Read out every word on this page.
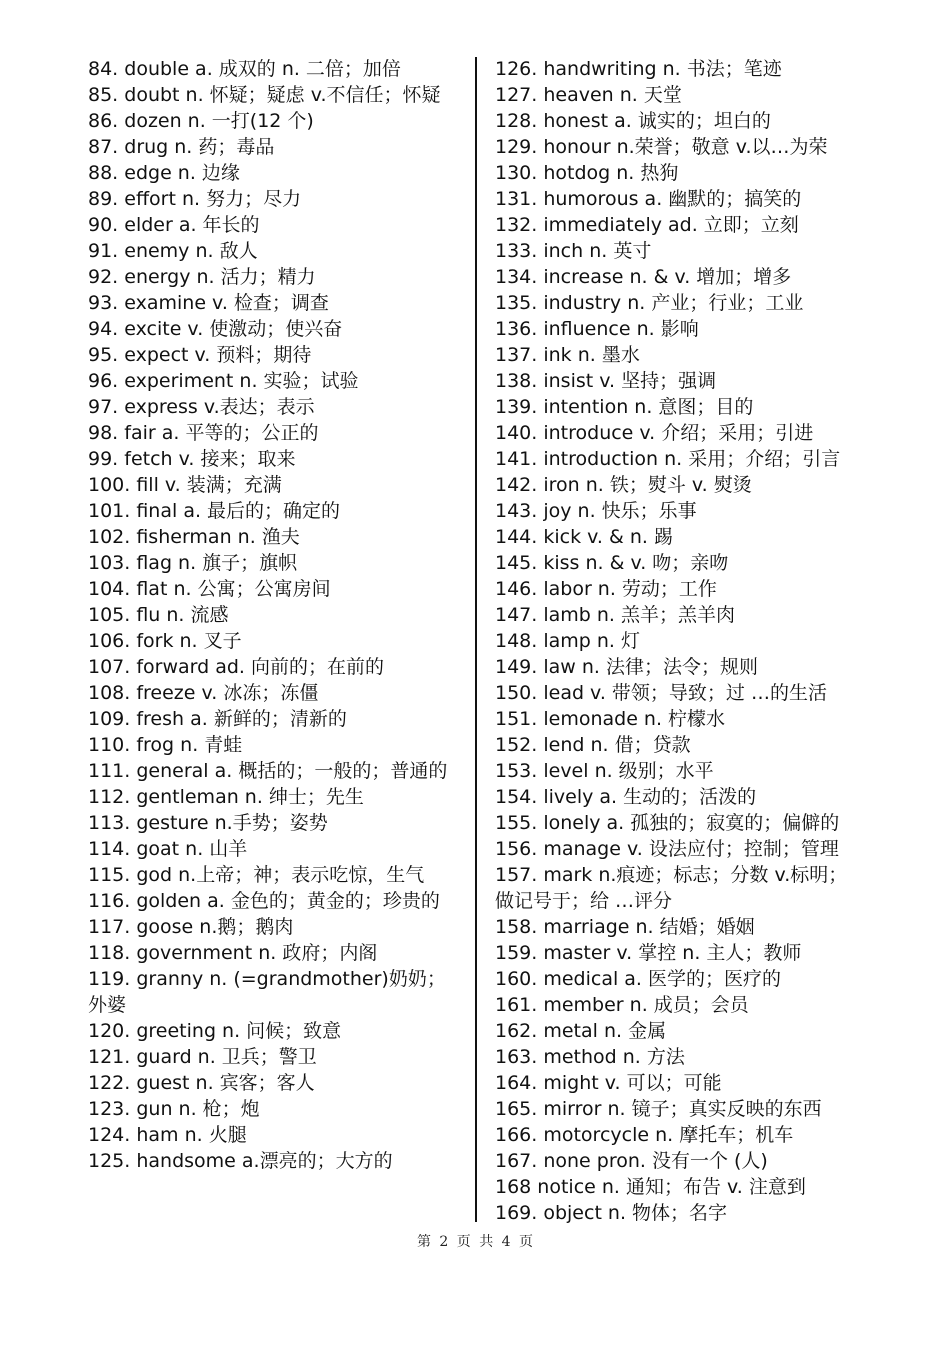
84. double a. 成双的 n. 二倍；加倍

85. doubt n. 怀疑；疑虑 v.不信任；怀疑

86. dozen n. 一打(12 个)

87. drug n. 药；毒品

88. edge n. 边缘

89. effort n. 努力；尽力

90. elder a. 年长的

91. enemy n. 敌人

92. energy n. 活力；精力

93. examine v. 检查；调查

94. excite v. 使激动；使兴奋

95. expect v. 预料；期待

96. experiment n. 实验；试验

97. express v.表达；表示

98. fair a. 平等的；公正的

99. fetch v. 接来；取来

100. fill v. 装满；充满

101. final a. 最后的；确定的

102. fisherman n. 渔夫

103. flag n. 旗子；旗帜

104. flat n. 公寓；公寓房间

105. flu n. 流感

106. fork n. 叉子

107. forward ad. 向前的；在前的

108. freeze v. 冰冻；冻僵

109. fresh a. 新鲜的；清新的

110. frog n. 青蛙

111. general a. 概括的；一般的；普通的

112. gentleman n. 绅士；先生

113. gesture n.手势；姿势

114. goat n. 山羊

115. god n.上帝；神；表示吃惊，生气

116. golden a. 金色的；黄金的；珍贵的

117. goose n.鹅；鹅肉

118. government n. 政府；内阁

119. granny n. (=grandmother)奶奶；外婆

120. greeting n. 问候；致意

121. guard n. 卫兵；警卫

122. guest n. 宾客；客人

123. gun n. 枪；炮

124. ham n. 火腿

125. handsome a.漂亮的；大方的

126. handwriting n. 书法；笔迹

127. heaven n. 天堂

128. honest a. 诚实的；坦白的

129. honour n.荣誉；敬意 v.以…为荣

130. hotdog n. 热狗

131. humorous a. 幽默的；搞笑的

132. immediately ad. 立即；立刻

133. inch n. 英寸

134. increase n. & v. 增加；增多

135. industry n. 产业；行业；工业

136. influence n. 影响

137. ink n. 墨水

138. insist v. 坚持；强调

139. intention n. 意图；目的

140. introduce v. 介绍；采用；引进

141. introduction n. 采用；介绍；引言

142. iron n. 铁；熨斗 v. 熨烫

143. joy n. 快乐；乐事

144. kick v. & n. 踢

145. kiss n. & v. 吻；亲吻

146. labor n. 劳动；工作

147. lamb n. 羔羊；羔羊肉

148. lamp n. 灯

149. law n. 法律；法令；规则

150. lead v. 带领；导致；过 …的生活

151. lemonade n. 柠檬水

152. lend n. 借；贷款

153. level n. 级别；水平

154. lively a. 生动的；活泼的

155. lonely a. 孤独的；寂寞的；偏僻的

156. manage v. 设法应付；控制；管理

157. mark n.痕迹；标志；分数 v.标明；做记号于；给 …评分

158. marriage n. 结婚；婚姻

159. master v. 掌控 n. 主人；教师

160. medical a. 医学的；医疗的

161. member n. 成员；会员

162. metal n. 金属

163. method n. 方法

164. might v. 可以；可能

165. mirror n. 镜子；真实反映的东西

166. motorcycle n. 摩托车；机车

167. none pron. 没有一个 (人)

168 notice n. 通知；布告 v. 注意到

169. object n. 物体；名字

第 2 页 共 4 页
